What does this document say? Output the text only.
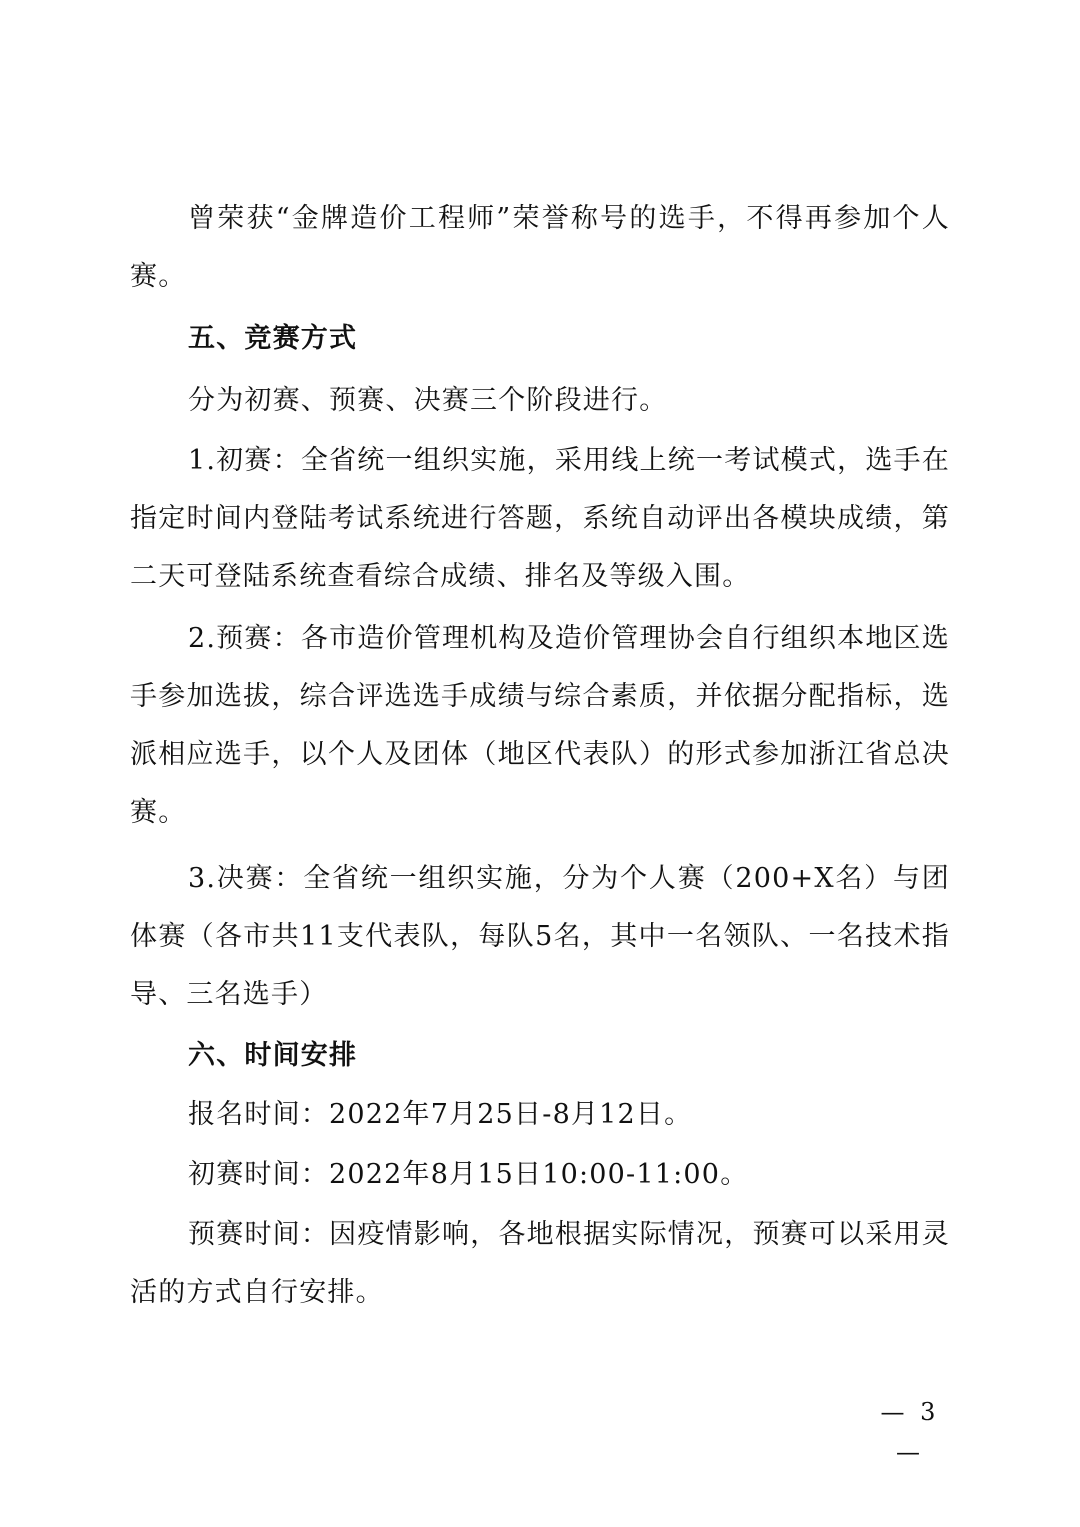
曾荣获“金牌造价工程师”荣誉称号的选手，不得再参加个人赛。

五、竞赛方式

分为初赛、预赛、决赛三个阶段进行。

1.初赛：全省统一组织实施，采用线上统一考试模式，选手在指定时间内登陆考试系统进行答题，系统自动评出各模块成绩，第二天可登陆系统查看综合成绩、排名及等级入围。

2.预赛：各市造价管理机构及造价管理协会自行组织本地区选手参加选拔，综合评选选手成绩与综合素质，并依据分配指标，选派相应选手，以个人及团体（地区代表队）的形式参加浙江省总决赛。

3.决赛：全省统一组织实施，分为个人赛（200+X名）与团体赛（各市共11支代表队，每队5名，其中一名领队、一名技术指导、三名选手）

六、时间安排

报名时间：2022年7月25日-8月12日。

初赛时间：2022年8月15日10:00-11:00。

预赛时间：因疫情影响，各地根据实际情况，预赛可以采用灵活的方式自行安排。

— 3 —
